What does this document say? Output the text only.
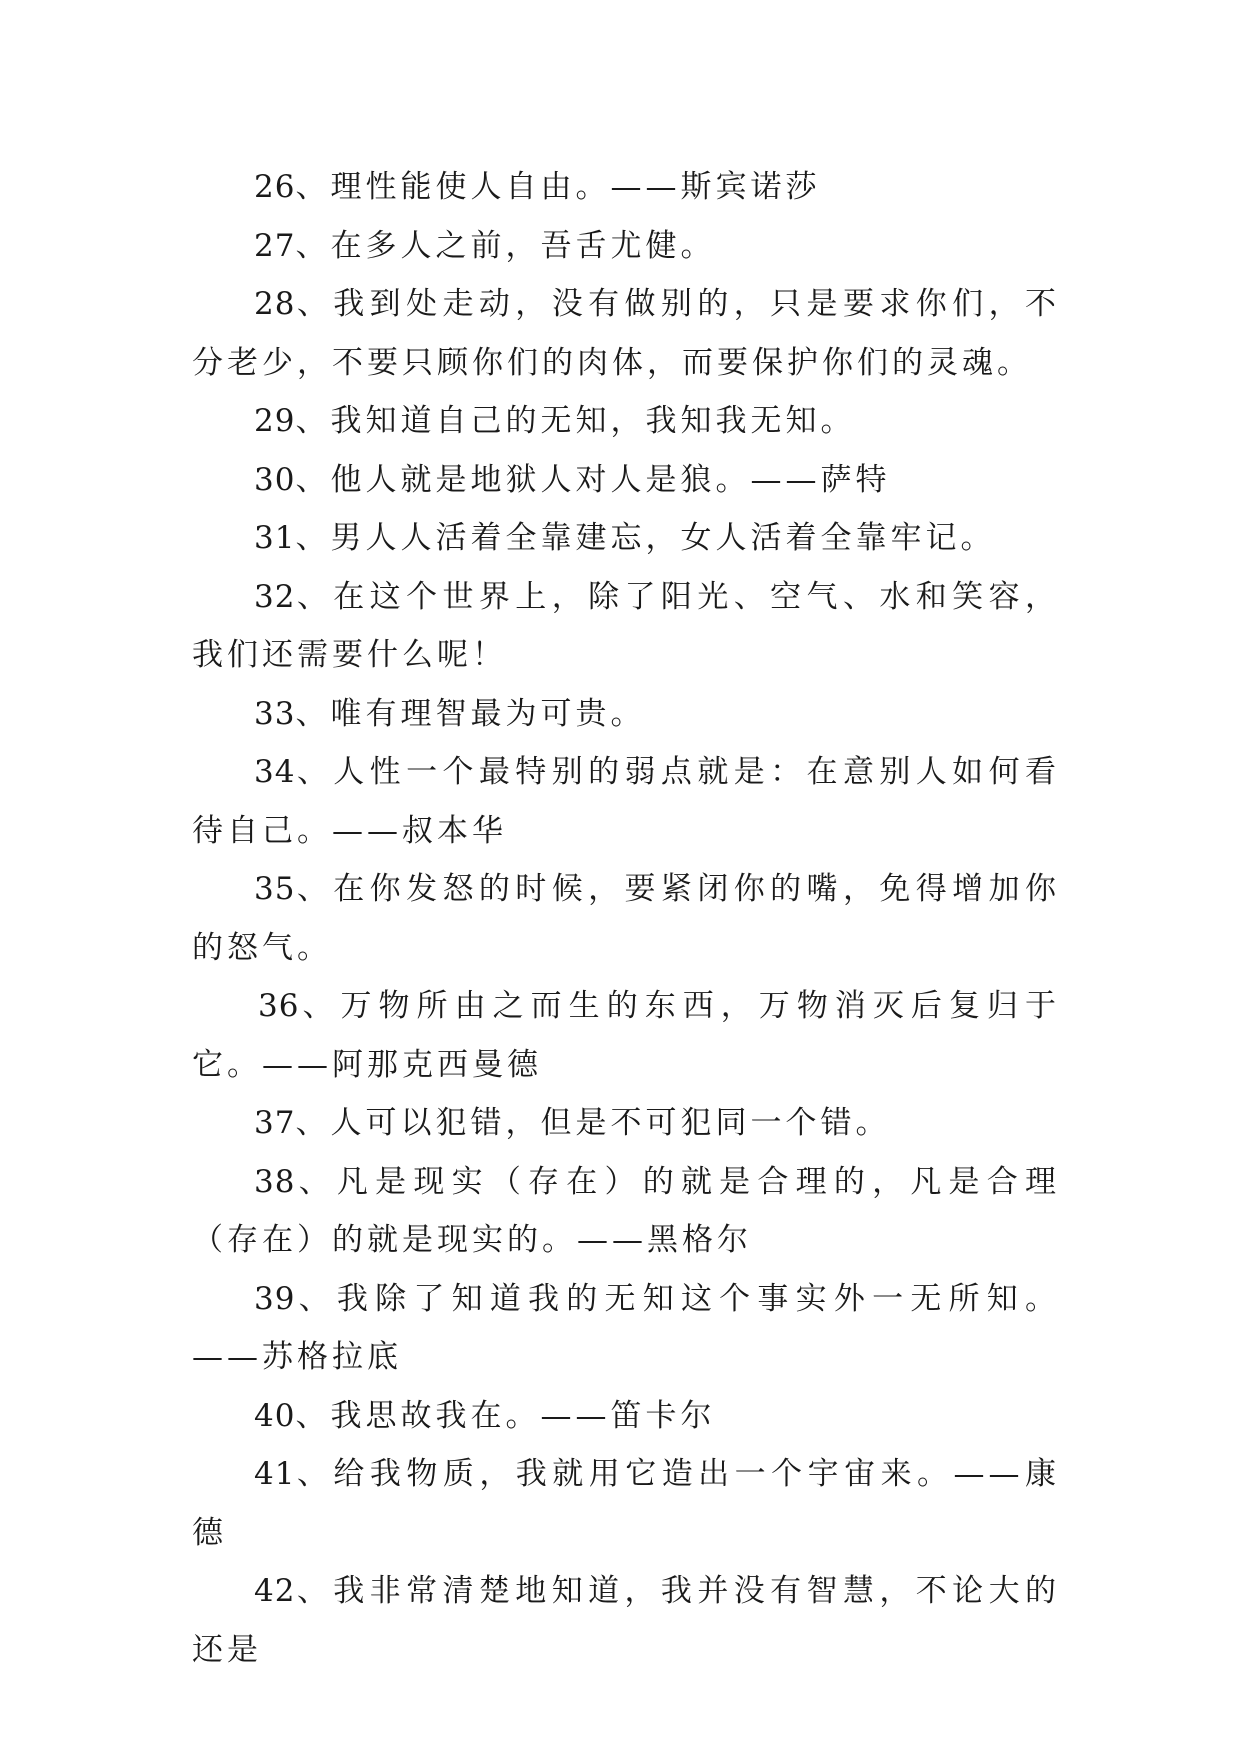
26、理性能使人自由。——斯宾诺莎

27、在多人之前，吾舌尤健。

28、我到处走动，没有做别的，只是要求你们，不分老少，不要只顾你们的肉体，而要保护你们的灵魂。

29、我知道自己的无知，我知我无知。

30、他人就是地狱人对人是狼。——萨特

31、男人人活着全靠建忘，女人活着全靠牢记。

32、在这个世界上，除了阳光、空气、水和笑容，我们还需要什么呢！

33、唯有理智最为可贵。

34、人性一个最特别的弱点就是：在意别人如何看待自己。——叔本华

35、在你发怒的时候，要紧闭你的嘴，免得增加你的怒气。

36、万物所由之而生的东西，万物消灭后复归于它。——阿那克西曼德

37、人可以犯错，但是不可犯同一个错。

38、凡是现实（存在）的就是合理的，凡是合理（存在）的就是现实的。——黑格尔

39、我除了知道我的无知这个事实外一无所知。——苏格拉底

40、我思故我在。——笛卡尔

41、给我物质，我就用它造出一个宇宙来。——康德

42、我非常清楚地知道，我并没有智慧，不论大的还是
